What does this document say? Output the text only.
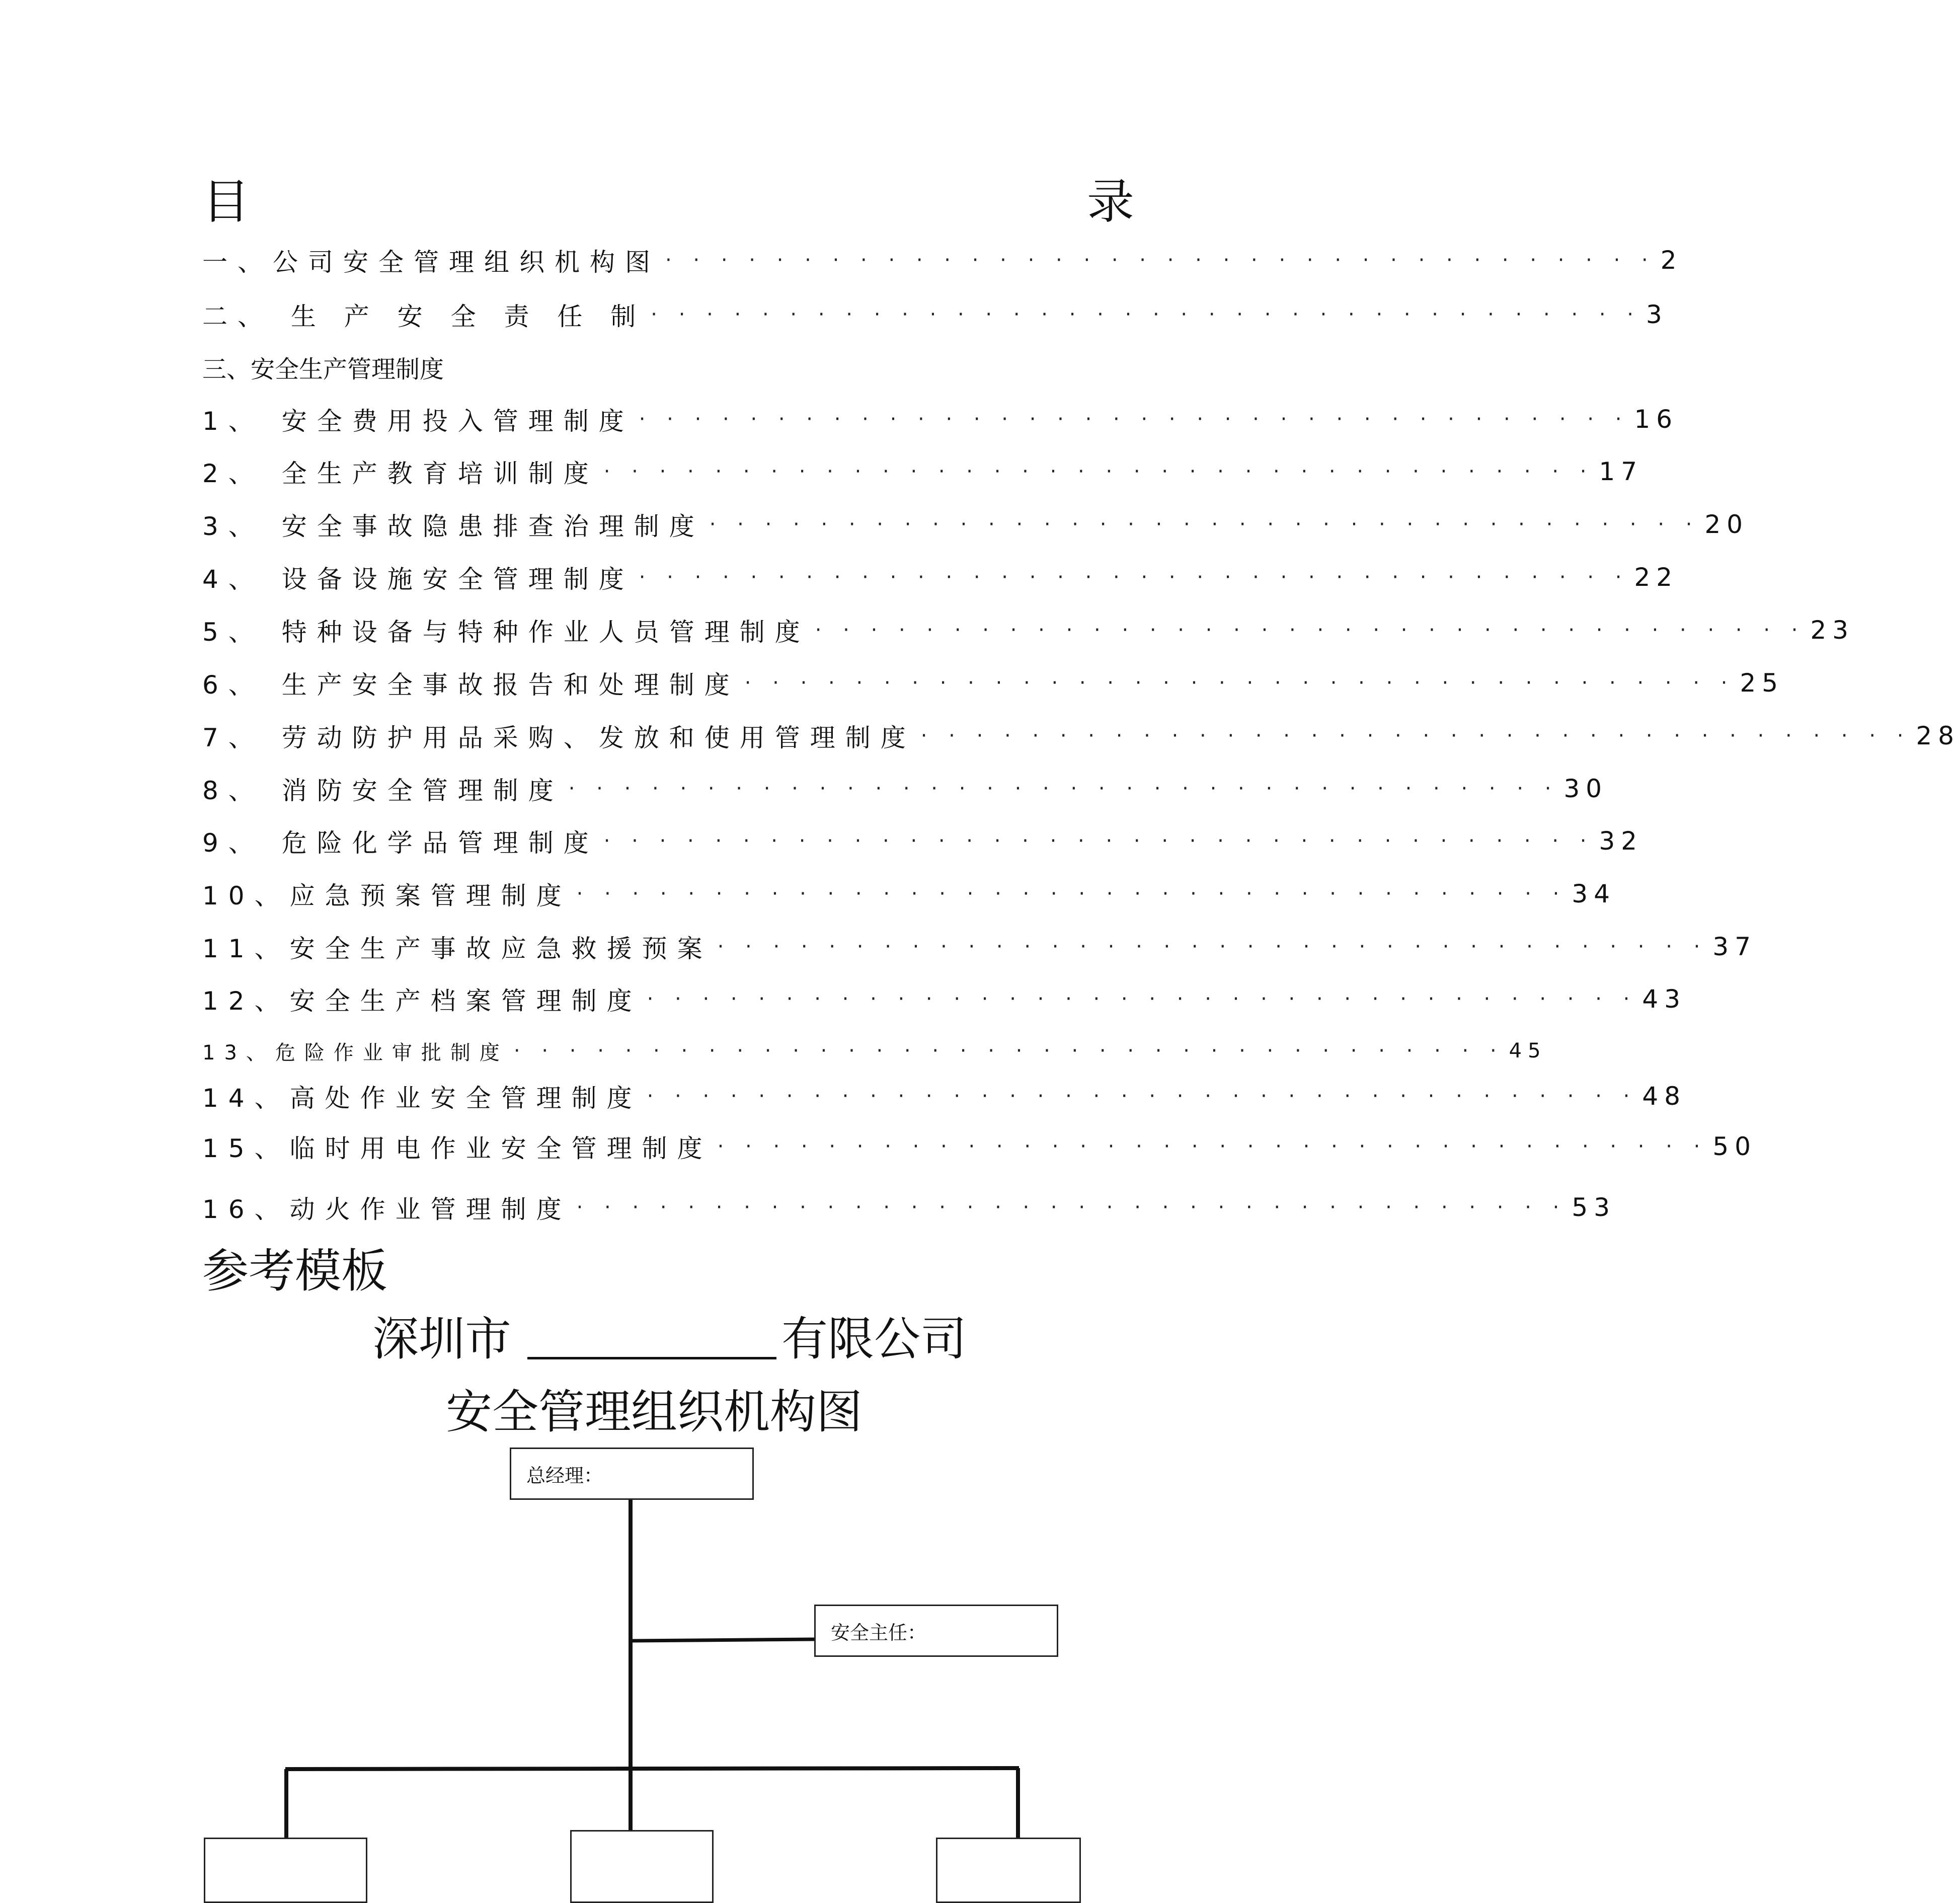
目	录
一、公司安全管理组织机构图 · · · · · · · · · · · · · · · · · · · · · · · · · · · · · · · · · · · · 2
二、 生 产 安 全 责 任 制 · · · · · · · · · · · · · · · · · · · · · · · · · · · · · · · · · · · · 3
三、安全生产管理制度
1、 安全费用投入管理制度 · · · · · · · · · · · · · · · · · · · · · · · · · · · · · · · · · · · · 16
2、 全生产教育培训制度 · · · · · · · · · · · · · · · · · · · · · · · · · · · · · · · · · · · · 17
3、 安全事故隐患排查治理制度 · · · · · · · · · · · · · · · · · · · · · · · · · · · · · · · · · · · · 20
4、 设备设施安全管理制度 · · · · · · · · · · · · · · · · · · · · · · · · · · · · · · · · · · · · 22
5、 特种设备与特种作业人员管理制度 · · · · · · · · · · · · · · · · · · · · · · · · · · · · · · · · · · · · 23
6、 生产安全事故报告和处理制度 · · · · · · · · · · · · · · · · · · · · · · · · · · · · · · · · · · · · 25
7、 劳动防护用品采购、发放和使用管理制度 · · · · · · · · · · · · · · · · · · · · · · · · · · · · · · · · · · · · 28
8、 消防安全管理制度 · · · · · · · · · · · · · · · · · · · · · · · · · · · · · · · · · · · · 30
9、 危险化学品管理制度 · · · · · · · · · · · · · · · · · · · · · · · · · · · · · · · · · · · · 32
10、应急预案管理制度 · · · · · · · · · · · · · · · · · · · · · · · · · · · · · · · · · · · · 34
11、安全生产事故应急救援预案 · · · · · · · · · · · · · · · · · · · · · · · · · · · · · · · · · · · · 37
12、安全生产档案管理制度 · · · · · · · · · · · · · · · · · · · · · · · · · · · · · · · · · · · · 43
13、危险作业审批制度 · · · · · · · · · · · · · · · · · · · · · · · · · · · · · · · · · · · · 45
14、高处作业安全管理制度 · · · · · · · · · · · · · · · · · · · · · · · · · · · · · · · · · · · · 48
15、临时用电作业安全管理制度 · · · · · · · · · · · · · · · · · · · · · · · · · · · · · · · · · · · · 50
16、动火作业管理制度 · · · · · · · · · · · · · · · · · · · · · · · · · · · · · · · · · · · · 53
参考模板
深圳市	有限公司
安全管理组织机构图
总经理：
安全主任：
